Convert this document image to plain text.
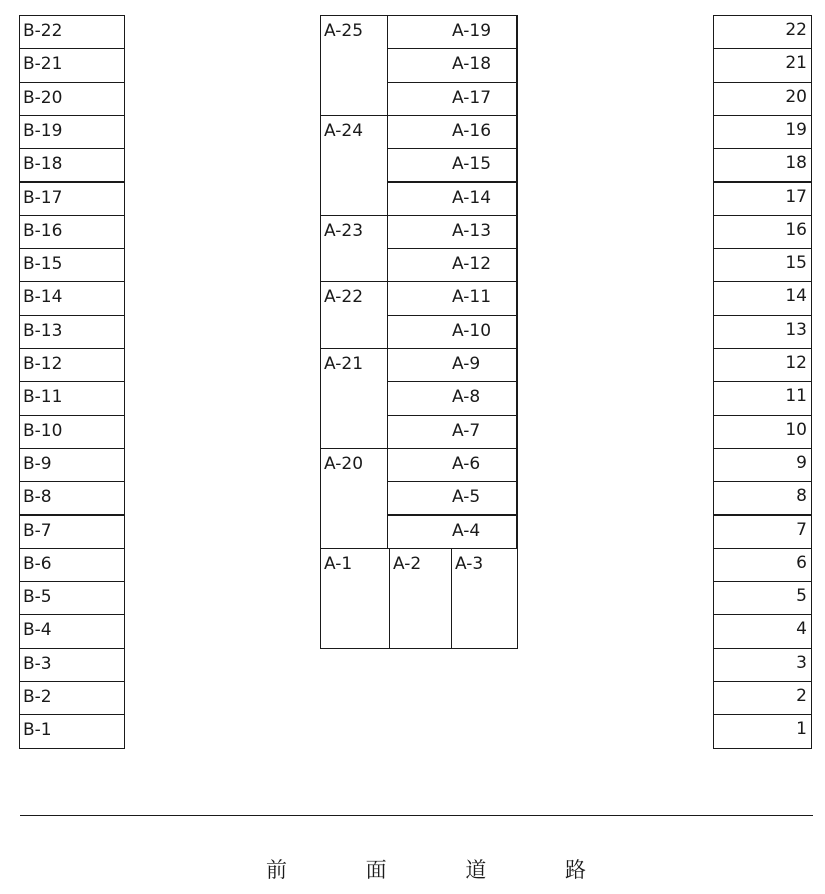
B-22
B-21
B-20
B-19
B-18
B-17
B-16
B-15
B-14
B-13
B-12
B-11
B-10
B-9
B-8
B-7
B-6
B-5
B-4
B-3
B-2
B-1
A-25
A-24
A-23
A-22
A-21
A-20
A-19
A-18
A-17
A-16
A-15
A-14
A-13
A-12
A-11
A-10
A-9
A-8
A-7
A-6
A-5
A-4
A-1	A-2	A-3
22
21
20
19
18
17
16
15
14
13
12
11
10
9
8
7
6
5
4
3
2
1
前 面 道 路
